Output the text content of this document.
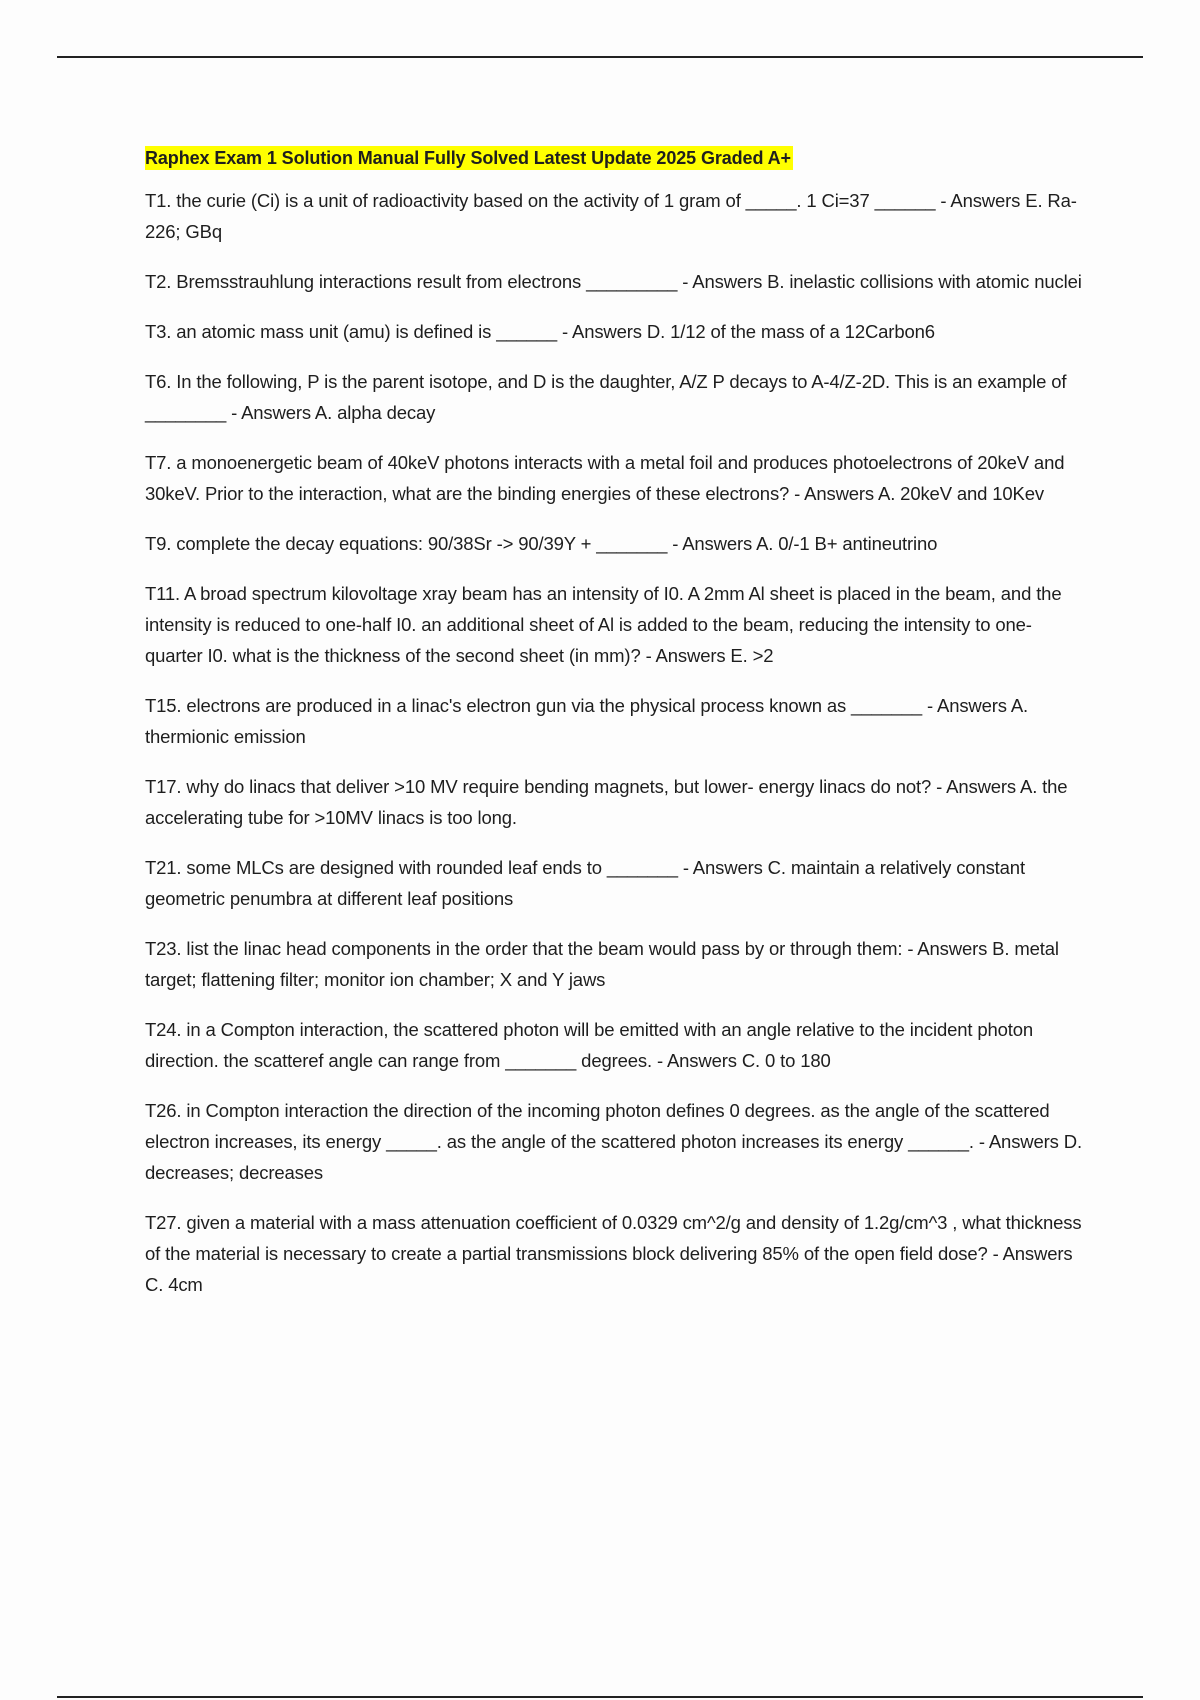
Raphex Exam 1 Solution Manual Fully Solved Latest Update 2025 Graded A+

T1. the curie (Ci) is a unit of radioactivity based on the activity of 1 gram of _____. 1 Ci=37 ______ - Answers E. Ra-226; GBq

T2. Bremsstrauhlung interactions result from electrons _________ - Answers B. inelastic collisions with atomic nuclei

T3. an atomic mass unit (amu) is defined is ______ - Answers D. 1/12 of the mass of a 12Carbon6

T6. In the following, P is the parent isotope, and D is the daughter, A/Z P decays to A-4/Z-2D. This is an example of ________ - Answers A. alpha decay

T7. a monoenergetic beam of 40keV photons interacts with a metal foil and produces photoelectrons of 20keV and 30keV. Prior to the interaction, what are the binding energies of these electrons? - Answers A. 20keV and 10Kev

T9. complete the decay equations: 90/38Sr -> 90/39Y + _______ - Answers A. 0/-1 B+ antineutrino

T11. A broad spectrum kilovoltage xray beam has an intensity of I0. A 2mm Al sheet is placed in the beam, and the intensity is reduced to one-half I0. an additional sheet of Al is added to the beam, reducing the intensity to one-quarter I0. what is the thickness of the second sheet (in mm)? - Answers E. >2

T15. electrons are produced in a linac's electron gun via the physical process known as _______ - Answers A. thermionic emission

T17. why do linacs that deliver >10 MV require bending magnets, but lower- energy linacs do not? - Answers A. the accelerating tube for >10MV linacs is too long.

T21. some MLCs are designed with rounded leaf ends to _______ - Answers C. maintain a relatively constant geometric penumbra at different leaf positions

T23. list the linac head components in the order that the beam would pass by or through them: - Answers B. metal target; flattening filter; monitor ion chamber; X and Y jaws

T24. in a Compton interaction, the scattered photon will be emitted with an angle relative to the incident photon direction. the scatteref angle can range from _______ degrees. - Answers C. 0 to 180

T26. in Compton interaction the direction of the incoming photon defines 0 degrees. as the angle of the scattered electron increases, its energy _____. as the angle of the scattered photon increases its energy ______. - Answers D. decreases; decreases

T27. given a material with a mass attenuation coefficient of 0.0329 cm^2/g and density of 1.2g/cm^3 , what thickness of the material is necessary to create a partial transmissions block delivering 85% of the open field dose? - Answers C. 4cm
